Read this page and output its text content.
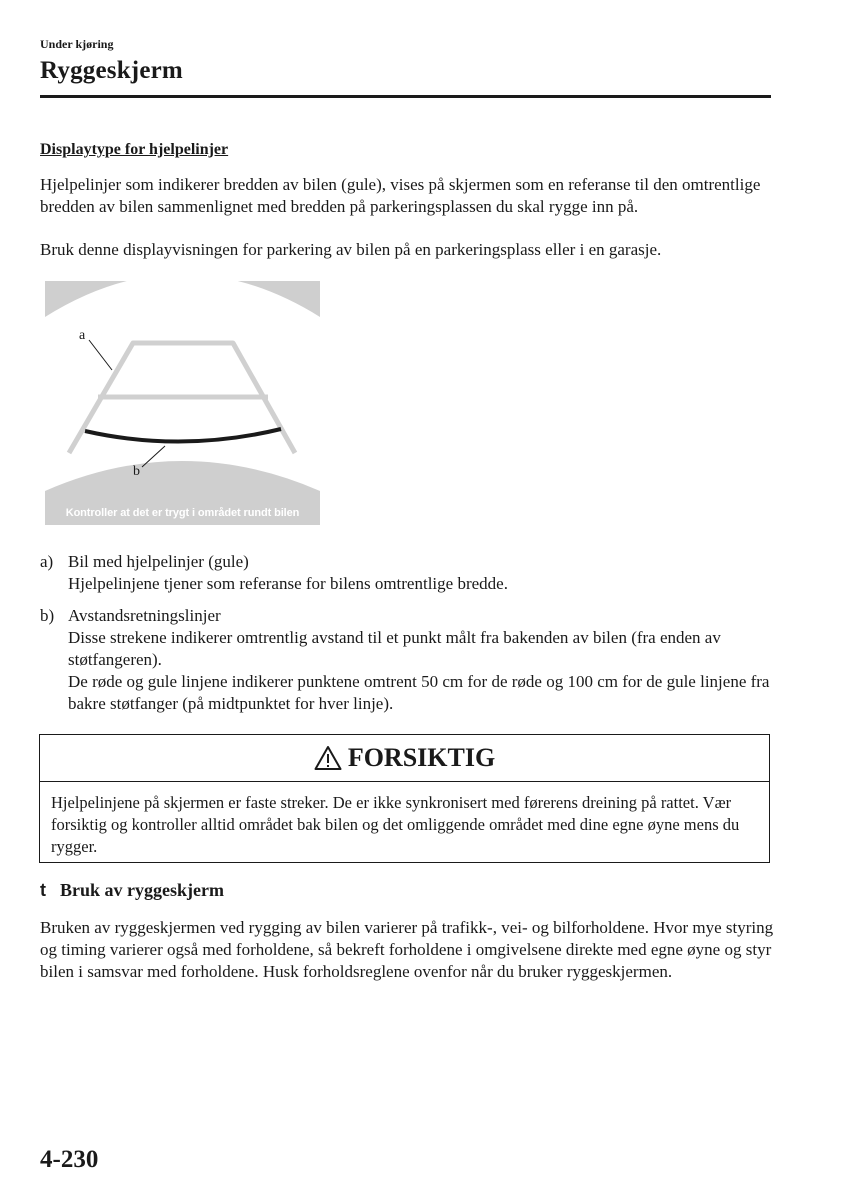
Under kjøring
Ryggeskjerm
Displaytype for hjelpelinjer

Hjelpelinjer som indikerer bredden av bilen (gule), vises på skjermen som en referanse til den omtrentlige bredden av bilen sammenlignet med bredden på parkeringsplassen du skal rygge inn på.

Bruk denne displayvisningen for parkering av bilen på en parkeringsplass eller i en garasje.

a
b
Kontroller at det er trygt i området rundt bilen
a) Bil med hjelpelinjer (gule)
Hjelpelinjene tjener som referanse for bilens omtrentlige bredde.
b) Avstandsretningslinjer
Disse strekene indikerer omtrentlig avstand til et punkt målt fra bakenden av bilen (fra enden av støtfangeren).
De røde og gule linjene indikerer punktene omtrent 50 cm for de røde og 100 cm for de gule linjene fra bakre støtfanger (på midtpunktet for hver linje).
FORSIKTIG
Hjelpelinjene på skjermen er faste streker. De er ikke synkronisert med førerens dreining på rattet. Vær forsiktig og kontroller alltid området bak bilen og det omliggende området med dine egne øyne mens du rygger.
t Bruk av ryggeskjerm

Bruken av ryggeskjermen ved rygging av bilen varierer på trafikk-, vei- og bilforholdene. Hvor mye styring og timing varierer også med forholdene, så bekreft forholdene i omgivelsene direkte med egne øyne og styr bilen i samsvar med forholdene. Husk forholdsreglene ovenfor når du bruker ryggeskjermen.

4-230
